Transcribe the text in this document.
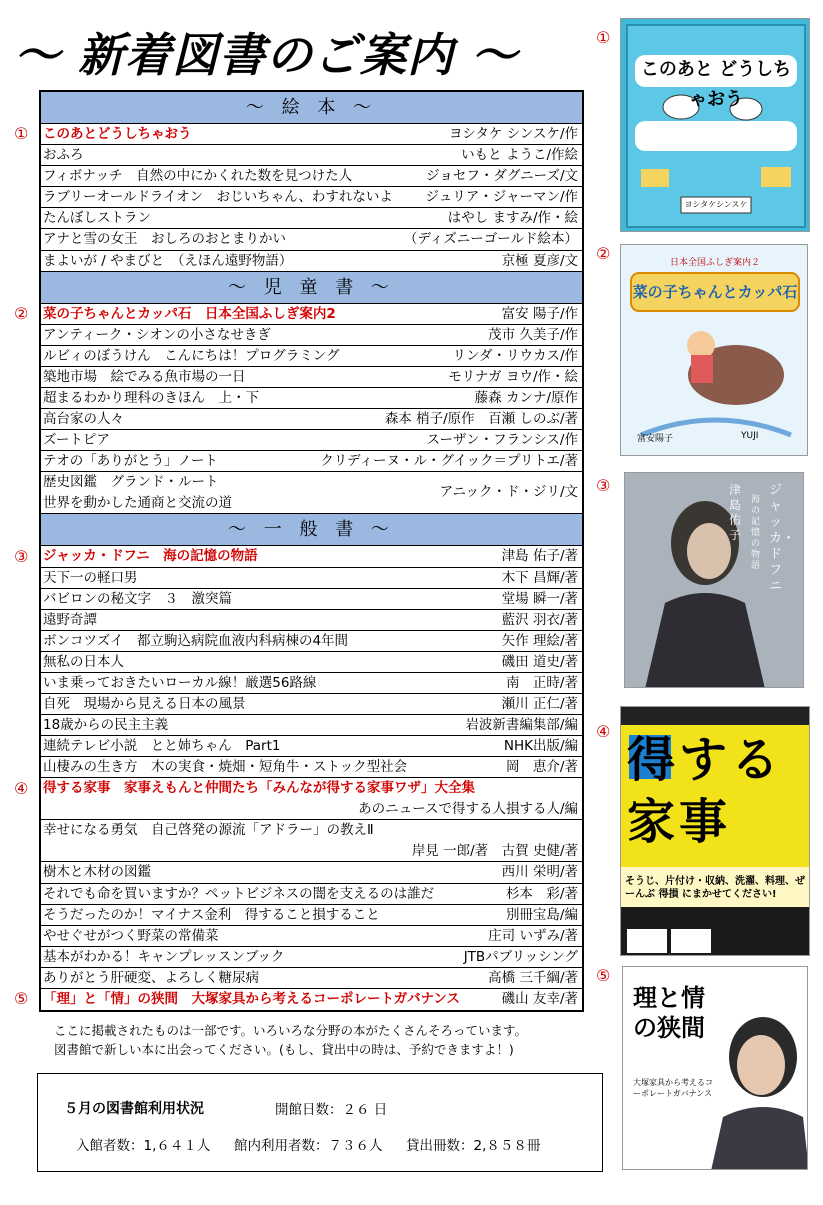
〜 新着図書のご案内 〜
〜 絵 本 〜
このあとどうしちゃおう	ヨシタケ シンスケ/作
おふろ	いもと ようこ/作絵
フィボナッチ　自然の中にかくれた数を見つけた人	ジョセフ・ダグニーズ/文
ラブリーオールドライオン　おじいちゃん、わすれないよ ジュリア・ジャーマン/作
たんぼしストラン	はやし ますみ/作・絵
アナと雪の女王　おしろのおとまりかい	（ディズニーゴールド絵本）
まよいが / やまびと　（えほん遠野物語）	京極 夏彦/文
〜 児 童 書 〜
菜の子ちゃんとカッパ石　日本全国ふしぎ案内2	富安 陽子/作
アンティーク・シオンの小さなせきぎ	茂市 久美子/作
ルビィのぼうけん　こんにちは！プログラミング	リンダ・リウカス/作
築地市場　絵でみる魚市場の一日	モリナガ ヨウ/作・絵
超まるわかり理科のきほん　上・下	藤森 カンナ/原作
高台家の人々	森本 梢子/原作　百瀬 しのぶ/著
ズートピア	スーザン・フランシス/作
テオの「ありがとう」ノート	クリディーヌ・ル・グイック＝プリトエ/著
歴史図鑑　グランド・ルート
世界を動かした通商と交流の道
アニック・ド・ジリ/文
〜 一 般 書 〜
ジャッカ・ドフニ　海の記憶の物語	津島 佑子/著
天下一の軽口男	木下 昌輝/著
バビロンの秘文字　３　激突篇	堂場 瞬一/著
遠野奇譚	藍沢 羽衣/著
ボンコツズイ　都立駒込病院血液内科病棟の4年間	矢作 理絵/著
無私の日本人	磯田 道史/著
いま乗っておきたいローカル線！厳選56路線	南　正時/著
自死　現場から見える日本の風景	瀬川 正仁/著
18歳からの民主主義	岩波新書編集部/編
連続テレビ小説　とと姉ちゃん　Part1	NHK出版/編
山棲みの生き方　木の実食・焼畑・短角牛・ストック型社会	岡　恵介/著
得する家事　家事えもんと仲間たち「みんなが得する家事ワザ」大全集
あのニュースで得する人損する人/編
幸せになる勇気　自己啓発の源流「アドラー」の教えⅡ
岸見 一郎/著　古賀 史健/著
樹木と木材の図鑑	西川 栄明/著
それでも命を買いますか？ペットビジネスの闇を支えるのは誰だ	杉本　彩/著
そうだったのか！マイナス金利　得すること損すること	別冊宝島/編
やせぐせがつく野菜の常備菜	庄司 いずみ/著
基本がわかる！キャンプレッスンブック	JTBパブリッシング
ありがとう肝硬変、よろしく糖尿病	高橋 三千綱/著
「理」と「情」の狭間　大塚家具から考えるコーポレートガバナンス	磯山 友幸/著
①
②
③
④
⑤
①
このあと どうしちゃおう
ヨシタケシンスケ
②	日本全国ふしぎ案内２
菜の子ちゃんとカッパ石
富安陽子	YUJI
③	ジャッカ・ドフニ
海の記憶の物語
津島佑子
④
得する家事
そうじ、片付け・収納、洗濯、料理、ぜーんぶ 得損 にまかせてください!
⑤
理と情の狭間
大塚家具から考えるコーポレートガバナンス
ここに掲載されたものは一部です。いろいろな分野の本がたくさんそろっています。
図書館で新しい本に出会ってください。(もし、貸出中の時は、予約できますよ！)
５月の図書館利用状況	開館日数：２６ 日
入館者数：1,６４１人 館内利用者数：７３６人 貸出冊数：2,８５８冊
